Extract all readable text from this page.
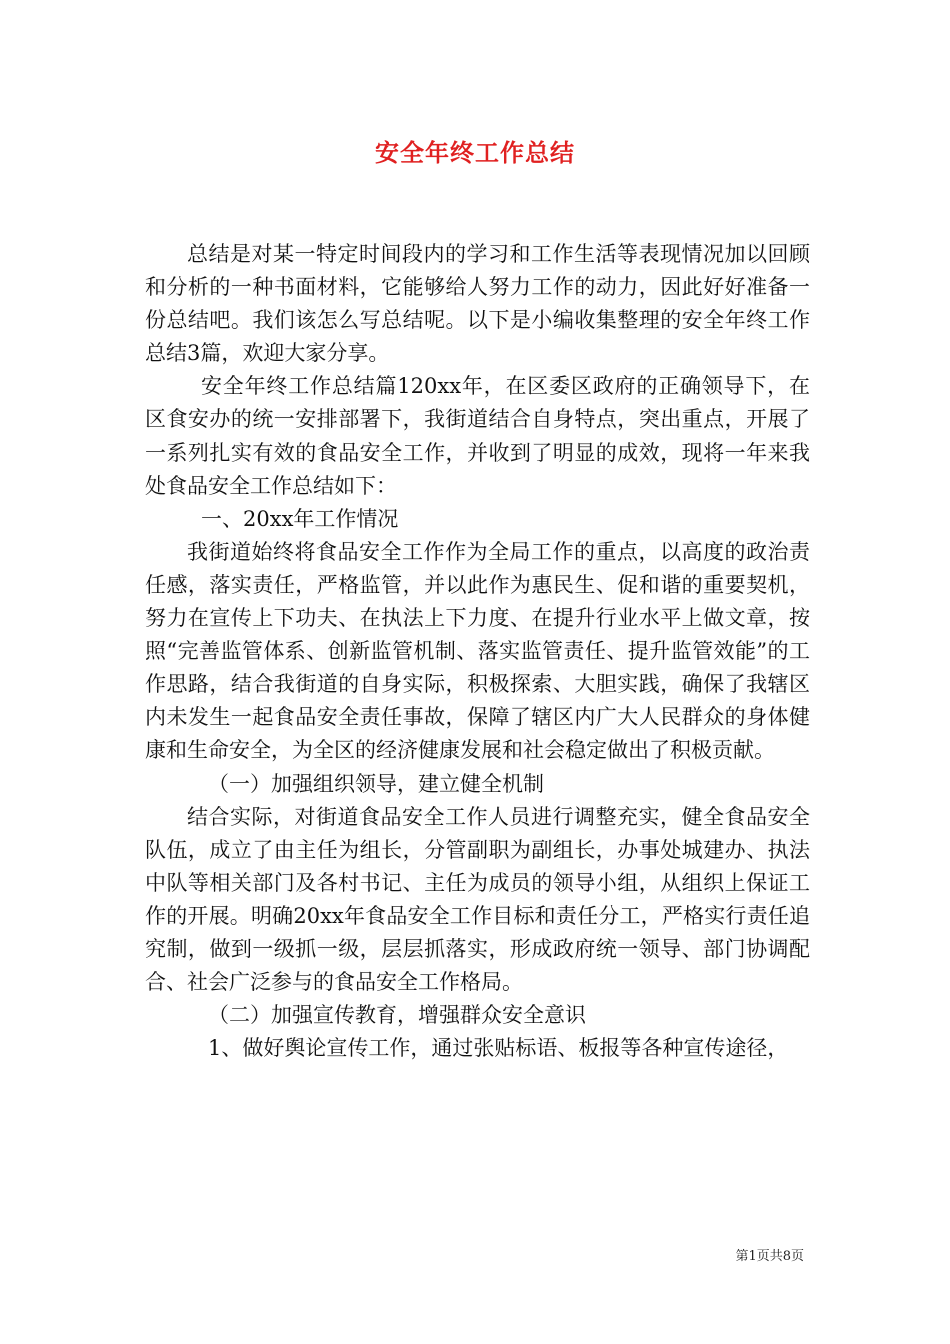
安全年终工作总结

总结是对某一特定时间段内的学习和工作生活等表现情况加以回顾和分析的一种书面材料，它能够给人努力工作的动力，因此好好准备一份总结吧。我们该怎么写总结呢。以下是小编收集整理的安全年终工作总结3篇，欢迎大家分享。

安全年终工作总结篇120xx年，在区委区政府的正确领导下，在区食安办的统一安排部署下，我街道结合自身特点，突出重点，开展了一系列扎实有效的食品安全工作，并收到了明显的成效，现将一年来我处食品安全工作总结如下：

一、20xx年工作情况

我街道始终将食品安全工作作为全局工作的重点，以高度的政治责任感，落实责任，严格监管，并以此作为惠民生、促和谐的重要契机，努力在宣传上下功夫、在执法上下力度、在提升行业水平上做文章，按照“完善监管体系、创新监管机制、落实监管责任、提升监管效能”的工作思路，结合我街道的自身实际，积极探索、大胆实践，确保了我辖区内未发生一起食品安全责任事故，保障了辖区内广大人民群众的身体健康和生命安全，为全区的经济健康发展和社会稳定做出了积极贡献。

（一）加强组织领导，建立健全机制

结合实际，对街道食品安全工作人员进行调整充实，健全食品安全队伍，成立了由主任为组长，分管副职为副组长，办事处城建办、执法中队等相关部门及各村书记、主任为成员的领导小组，从组织上保证工作的开展。明确20xx年食品安全工作目标和责任分工，严格实行责任追究制，做到一级抓一级，层层抓落实，形成政府统一领导、部门协调配合、社会广泛参与的食品安全工作格局。

（二）加强宣传教育，增强群众安全意识

1、做好舆论宣传工作，通过张贴标语、板报等各种宣传途径，

第1页共8页
